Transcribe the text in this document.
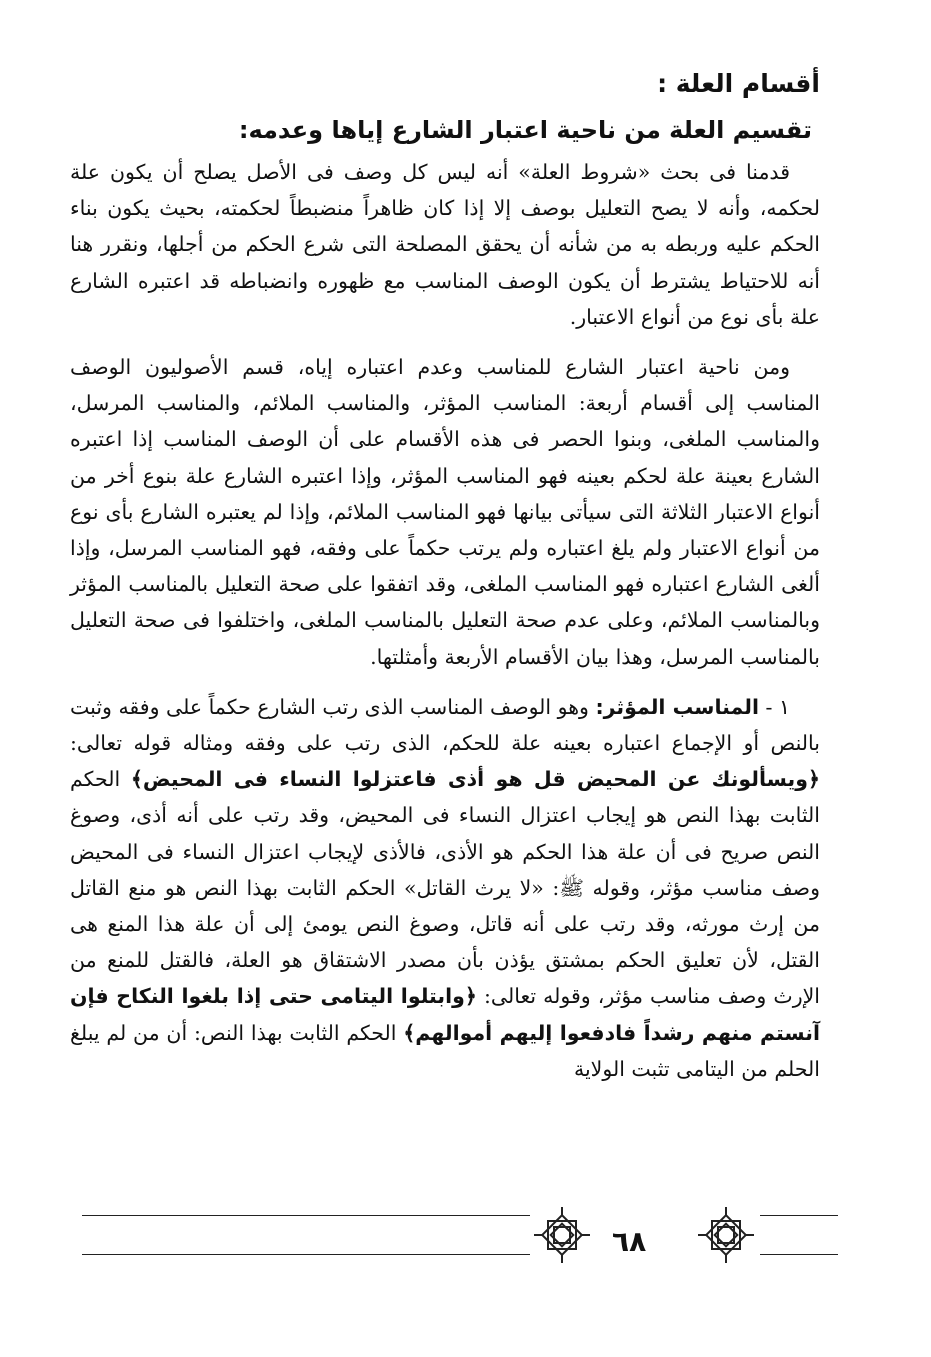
أقسام العلة :
تقسيم العلة من ناحية اعتبار الشارع إياها وعدمه:

قدمنا فى بحث «شروط العلة» أنه ليس كل وصف فى الأصل يصلح أن يكون علة لحكمه، وأنه لا يصح التعليل بوصف إلا إذا كان ظاهراً منضبطاً لحكمته، بحيث يكون بناء الحكم عليه وربطه به من شأنه أن يحقق المصلحة التى شرع الحكم من أجلها، ونقرر هنا أنه للاحتياط يشترط أن يكون الوصف المناسب مع ظهوره وانضباطه قد اعتبره الشارع علة بأى نوع من أنواع الاعتبار.

ومن ناحية اعتبار الشارع للمناسب وعدم اعتباره إياه، قسم الأصوليون الوصف المناسب إلى أقسام أربعة: المناسب المؤثر، والمناسب الملائم، والمناسب المرسل، والمناسب الملغى، وبنوا الحصر فى هذه الأقسام على أن الوصف المناسب إذا اعتبره الشارع بعينة علة لحكم بعينه فهو المناسب المؤثر، وإذا اعتبره الشارع علة بنوع أخر من أنواع الاعتبار الثلاثة التى سيأتى بيانها فهو المناسب الملائم، وإذا لم يعتبره الشارع بأى نوع من أنواع الاعتبار ولم يلغ اعتباره ولم يرتب حكماً على وفقه، فهو المناسب المرسل، وإذا ألغى الشارع اعتباره فهو المناسب الملغى، وقد اتفقوا على صحة التعليل بالمناسب المؤثر وبالمناسب الملائم، وعلى عدم صحة التعليل بالمناسب الملغى، واختلفوا فى صحة التعليل بالمناسب المرسل، وهذا بيان الأقسام الأربعة وأمثلتها.

١ - المناسب المؤثر: وهو الوصف المناسب الذى رتب الشارع حكماً على وفقه وثبت بالنص أو الإجماع اعتباره بعينه علة للحكم، الذى رتب على وفقه ومثاله قوله تعالى: ﴿ويسألونك عن المحيض قل هو أذى فاعتزلوا النساء فى المحيض﴾ الحكم الثابت بهذا النص هو إيجاب اعتزال النساء فى المحيض، وقد رتب على أنه أذى، وصوغ النص صريح فى أن علة هذا الحكم هو الأذى، فالأذى لإيجاب اعتزال النساء فى المحيض وصف مناسب مؤثر، وقوله ﷺ: «لا يرث القاتل» الحكم الثابت بهذا النص هو منع القاتل من إرث مورثه، وقد رتب على أنه قاتل، وصوغ النص يومئ إلى أن علة هذا المنع هى القتل، لأن تعليق الحكم بمشتق يؤذن بأن مصدر الاشتقاق هو العلة، فالقتل للمنع من الإرث وصف مناسب مؤثر، وقوله تعالى: ﴿وابتلوا اليتامى حتى إذا بلغوا النكاح فإن آنستم منهم رشداً فادفعوا إليهم أموالهم﴾ الحكم الثابت بهذا النص: أن من لم يبلغ الحلم من اليتامى تثبت الولاية

٦٨
